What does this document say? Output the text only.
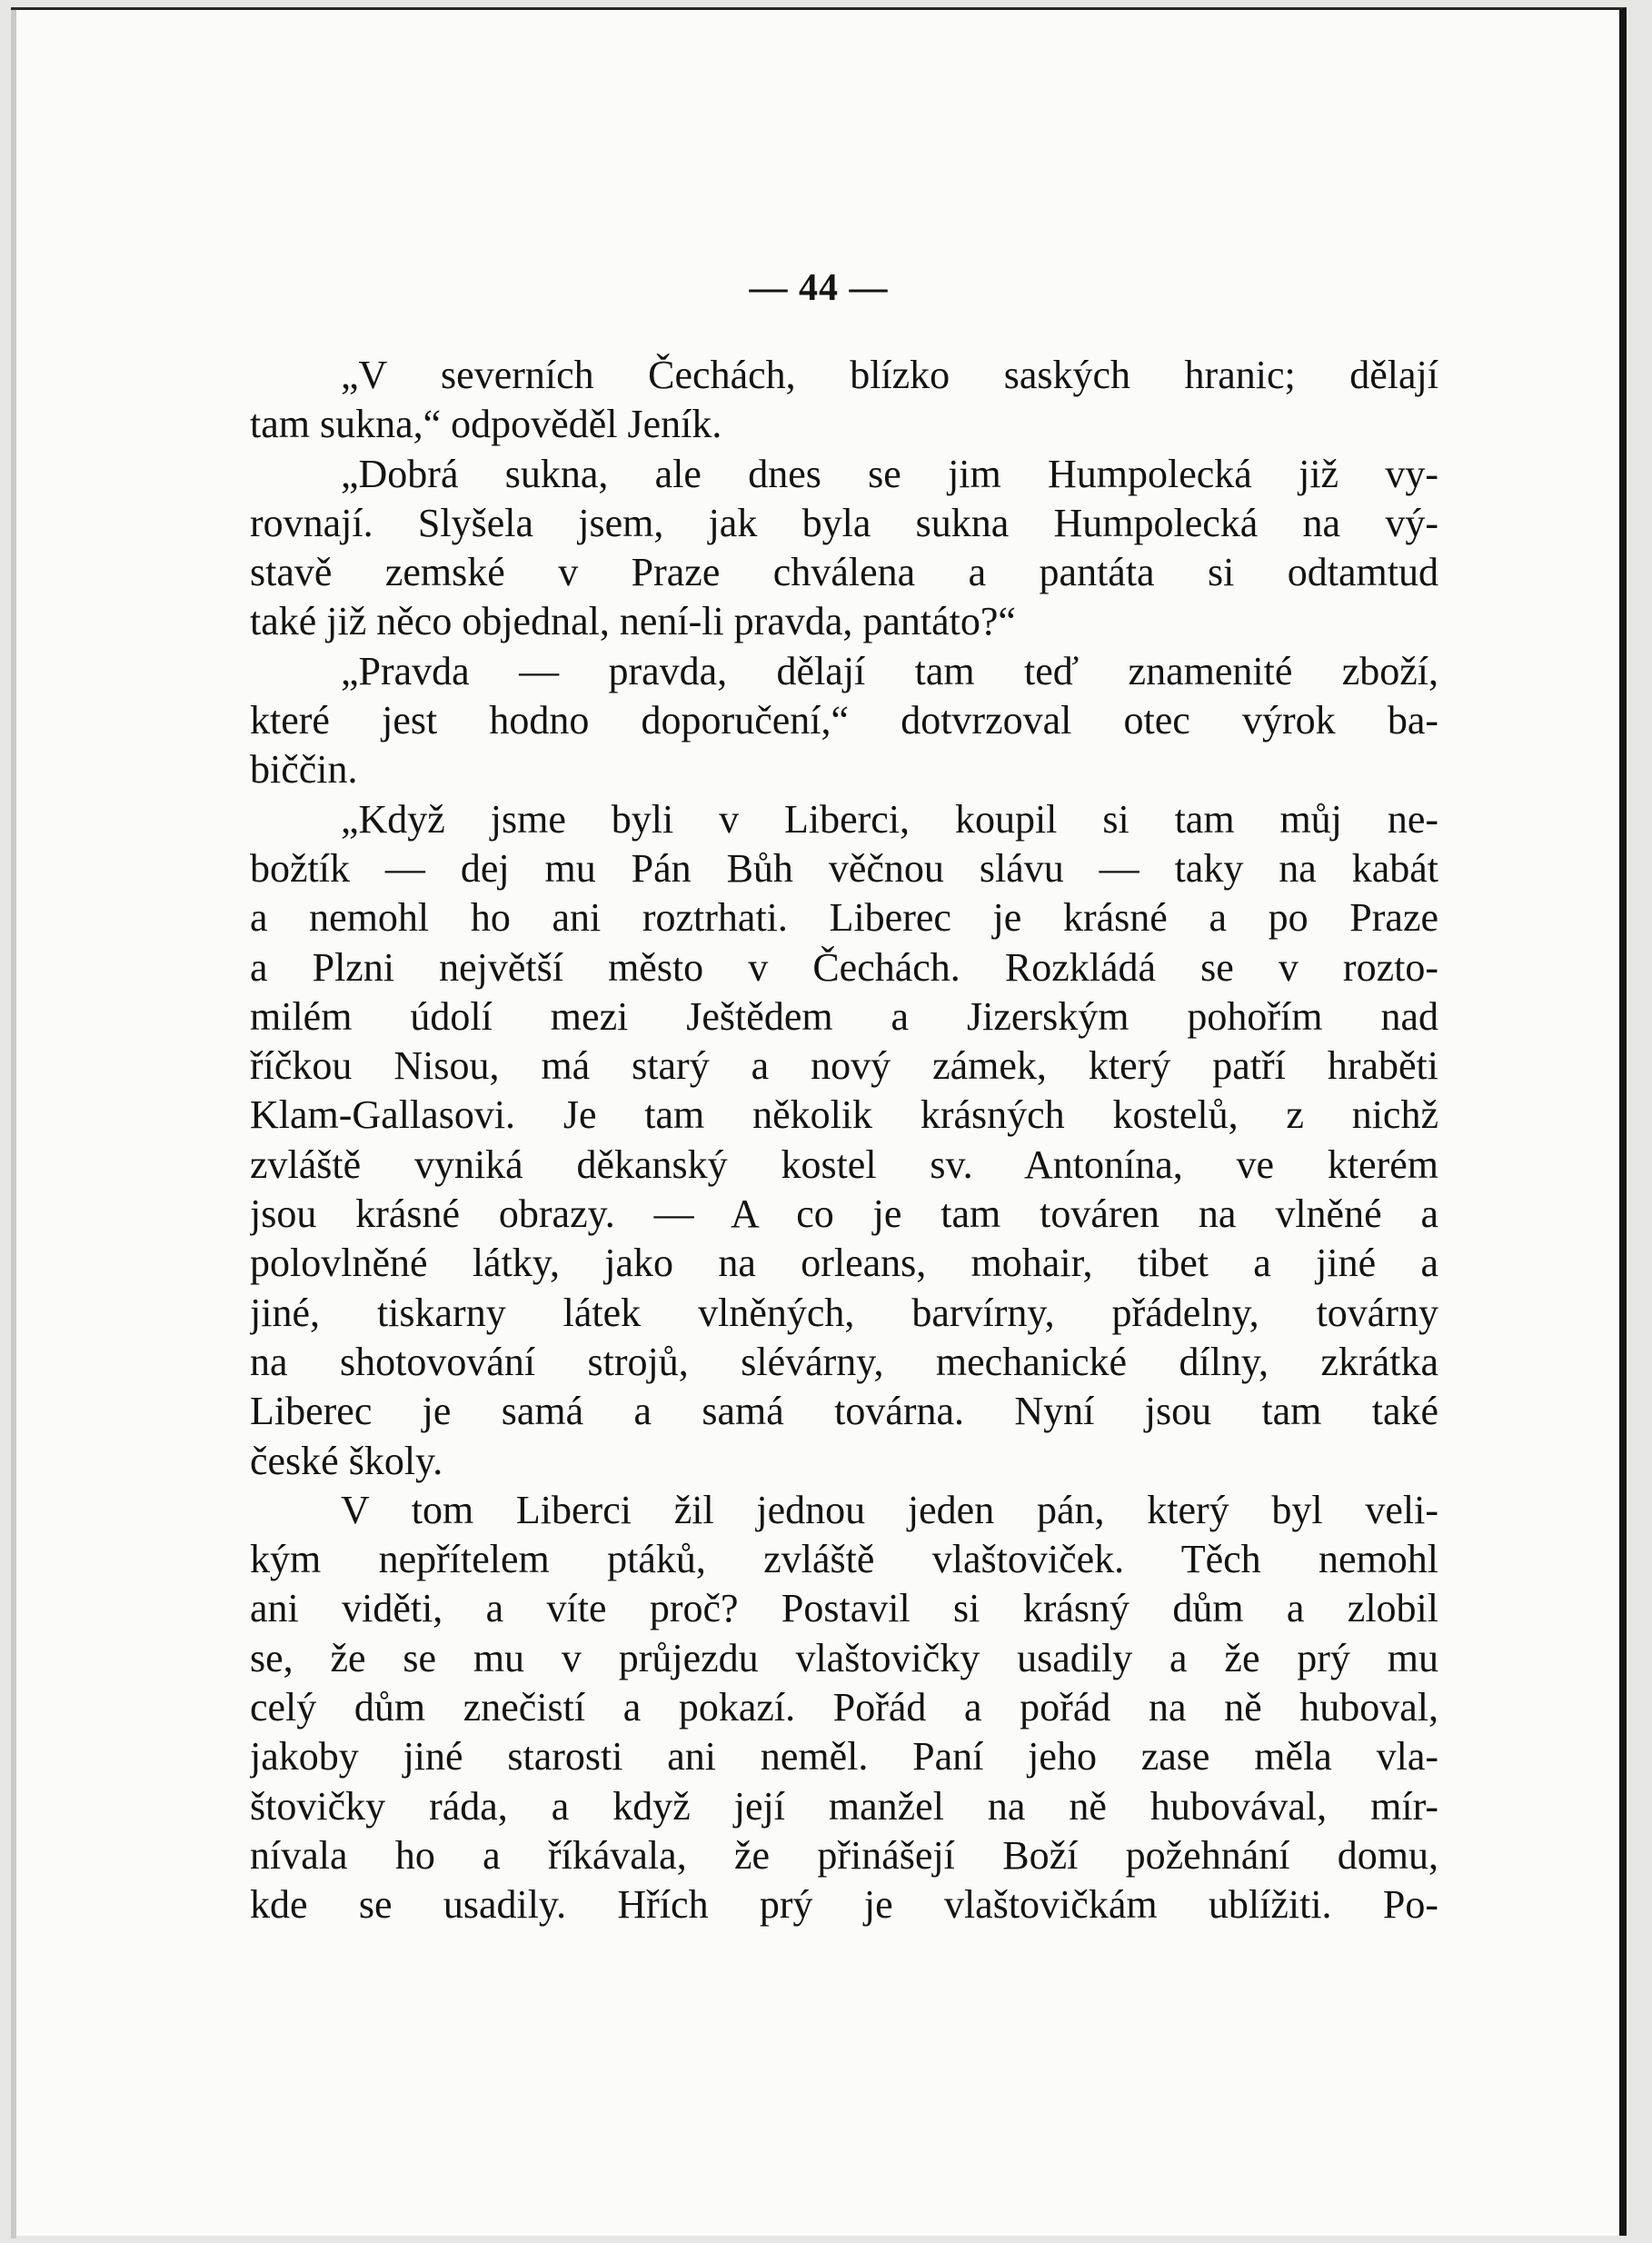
— 44 —
„V severních Čechách, blízko saských hranic; dělají
tam sukna,“ odpověděl Jeník.
„Dobrá sukna, ale dnes se jim Humpolecká již vy-
rovnají. Slyšela jsem, jak byla sukna Humpolecká na vý-
stavě zemské v Praze chválena a pantáta si odtamtud
také již něco objednal, není-li pravda, pantáto?“
„Pravda — pravda, dělají tam teď znamenité zboží,
které jest hodno doporučení,“ dotvrzoval otec výrok ba-
biččin.
„Když jsme byli v Liberci, koupil si tam můj ne-
božtík — dej mu Pán Bůh věčnou slávu — taky na kabát
a nemohl ho ani roztrhati. Liberec je krásné a po Praze
a Plzni největší město v Čechách. Rozkládá se v rozto-
milém údolí mezi Ještědem a Jizerským pohořím nad
říčkou Nisou, má starý a nový zámek, který patří hraběti
Klam-Gallasovi. Je tam několik krásných kostelů, z nichž
zvláště vyniká děkanský kostel sv. Antonína, ve kterém
jsou krásné obrazy. — A co je tam továren na vlněné a
polovlněné látky, jako na orleans, mohair, tibet a jiné a
jiné, tiskarny látek vlněných, barvírny, přádelny, továrny
na shotovování strojů, slévárny, mechanické dílny, zkrátka
Liberec je samá a samá továrna. Nyní jsou tam také
české školy.
V tom Liberci žil jednou jeden pán, který byl veli-
kým nepřítelem ptáků, zvláště vlaštoviček. Těch nemohl
ani viděti, a víte proč? Postavil si krásný dům a zlobil
se, že se mu v průjezdu vlaštovičky usadily a že prý mu
celý dům znečistí a pokazí. Pořád a pořád na ně huboval,
jakoby jiné starosti ani neměl. Paní jeho zase měla vla-
štovičky ráda, a když její manžel na ně hubovával, mír-
nívala ho a říkávala, že přinášejí Boží požehnání domu,
kde se usadily. Hřích prý je vlaštovičkám ublížiti. Po-
